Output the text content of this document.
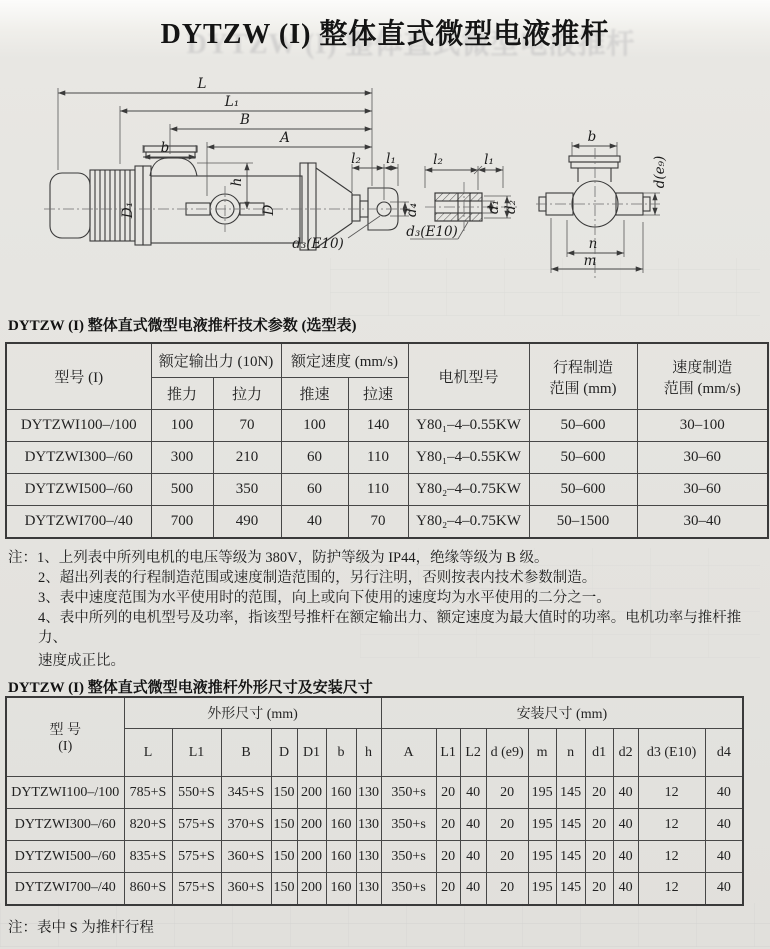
DYTZW (I) 整体直式微型电液推杆
L
L₁
B
A
b
l₂ l₁
h
D₁	D	d₄
d₃(E10)
l₂	l₁
d₁ d₂
d₃(E10)
b
d(e₉)
n
m
DYTZW (I) 整体直式微型电液推杆技术参数 (选型表)
型号 (I)	额定输出力 (10N)	额定速度 (mm/s)	电机型号	
行程制造
范围 (mm)

速度制造
范围 (mm/s)

	推力	拉力	推速	拉速			
DYTZWI100–/100	100	70	100	140	Y80₁–4–0.55KW	50–600	30–100
DYTZWI300–/60	300	210	60	110	Y80₁–4–0.55KW	50–600	30–60
DYTZWI500–/60	500	350	60	110	Y80₂–4–0.75KW	50–600	30–60
DYTZWI700–/40	700	490	40	70	Y80₂–4–0.75KW	50–1500	30–40
注： 1、上列表中所列电机的电压等级为 380V，防护等级为 IP44，绝缘等级为 B 级。
2、超出列表的行程制造范围或速度制造范围的，另行注明，否则按表内技术参数制造。
3、表中速度范围为水平使用时的范围，向上或向下使用的速度均为水平使用的二分之一。
4、表中所列的电机型号及功率，指该型号推杆在额定输出力、额定速度为最大值时的功率。电机功率与推杆推力、
速度成正比。
DYTZW (I) 整体直式微型电液推杆外形尺寸及安装尺寸
型 号
(I)	外形尺寸 (mm)							安装尺寸 (mm)									
	L	L1	B	D	D1	b	h	A	L1	L2	d (e9)	m	n	d1	d2	d3 (E10)	d4
DYTZWI100–/100	785+S	550+S	345+S	150	200	160	130	350+s	20	40	20	195	145	20	40	12	40
DYTZWI300–/60	820+S	575+S	370+S	150	200	160	130	350+s	20	40	20	195	145	20	40	12	40
DYTZWI500–/60	835+S	575+S	360+S	150	200	160	130	350+s	20	40	20	195	145	20	40	12	40
DYTZWI700–/40	860+S	575+S	360+S	150	200	160	130	350+s	20	40	20	195	145	20	40	12	40
注：表中 S 为推杆行程
